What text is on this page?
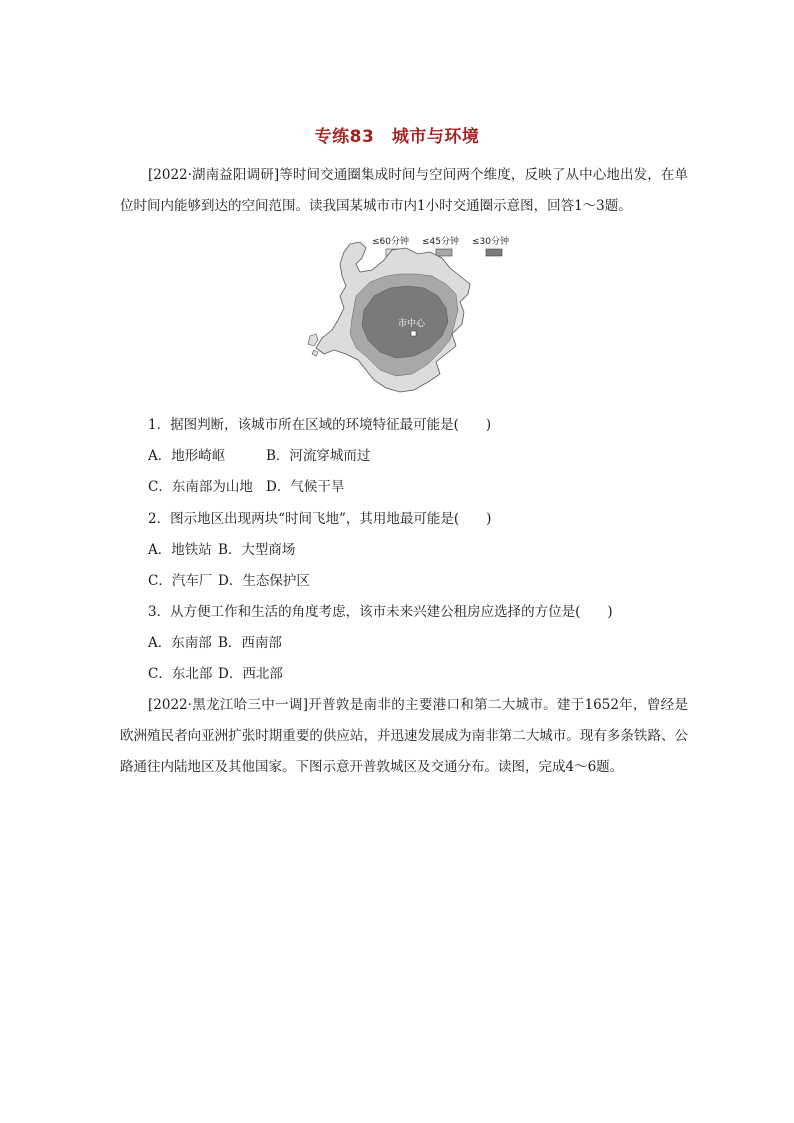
专练83　城市与环境
[2022·湖南益阳调研]等时间交通圈集成时间与空间两个维度，反映了从中心地出发，在单位时间内能够到达的空间范围。读我国某城市市内1小时交通圈示意图，回答1～3题。
≤60分钟 ≤45分钟 ≤30分钟
市中心
1．据图判断，该城市所在区域的环境特征最可能是(　　)
A．地形崎岖	B．河流穿城而过
C．东南部为山地 D．气候干旱
2．图示地区出现两块“时间飞地”，其用地最可能是(　　)
A．地铁站 B．大型商场
C．汽车厂 D．生态保护区
3．从方便工作和生活的角度考虑，该市未来兴建公租房应选择的方位是(　　)
A．东南部 B．西南部
C．东北部 D．西北部
[2022·黑龙江哈三中一调]开普敦是南非的主要港口和第二大城市。建于1652年，曾经是欧洲殖民者向亚洲扩张时期重要的供应站，并迅速发展成为南非第二大城市。现有多条铁路、公路通往内陆地区及其他国家。下图示意开普敦城区及交通分布。读图，完成4～6题。
